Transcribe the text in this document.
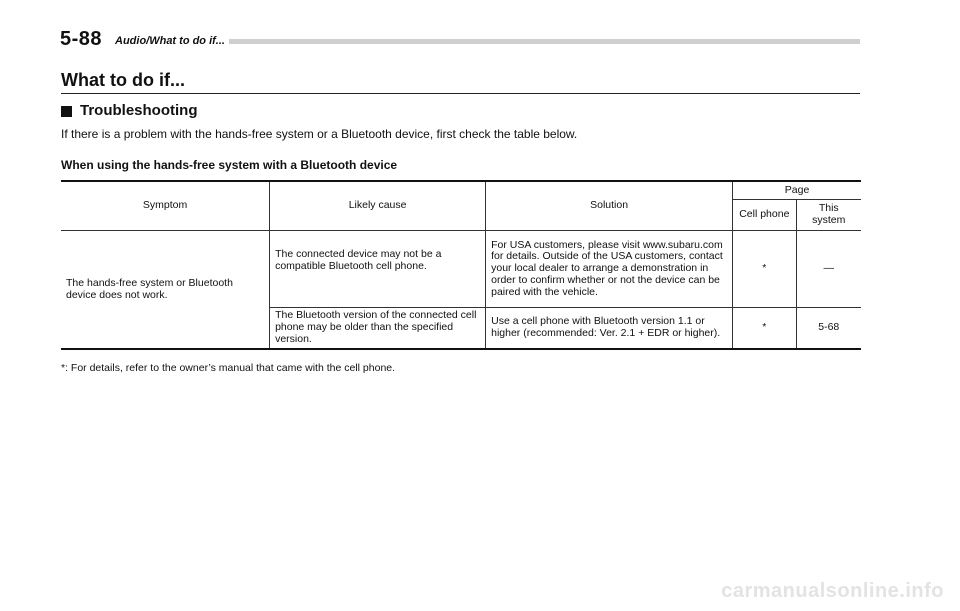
5-88 Audio/What to do if...
What to do if...
Troubleshooting
If there is a problem with the hands-free system or a Bluetooth device, first check the table below.
When using the hands-free system with a Bluetooth device
Symptom	Likely cause	Solution	Page	
			Cell phone	This system
The hands-free system or Bluetooth device does not work.	The connected device may not be a compatible Bluetooth cell phone.	For USA customers, please visit www.subaru.com for details. Outside of the USA customers, contact your local dealer to arrange a demonstration in order to confirm whether or not the device can be paired with the vehicle.	*	—
	The Bluetooth version of the connected cell phone may be older than the specified version.	Use a cell phone with Bluetooth version 1.1 or higher (recommended: Ver. 2.1 + EDR or higher).	*	5-68
*: For details, refer to the owner’s manual that came with the cell phone.
carmanualsonline.info
